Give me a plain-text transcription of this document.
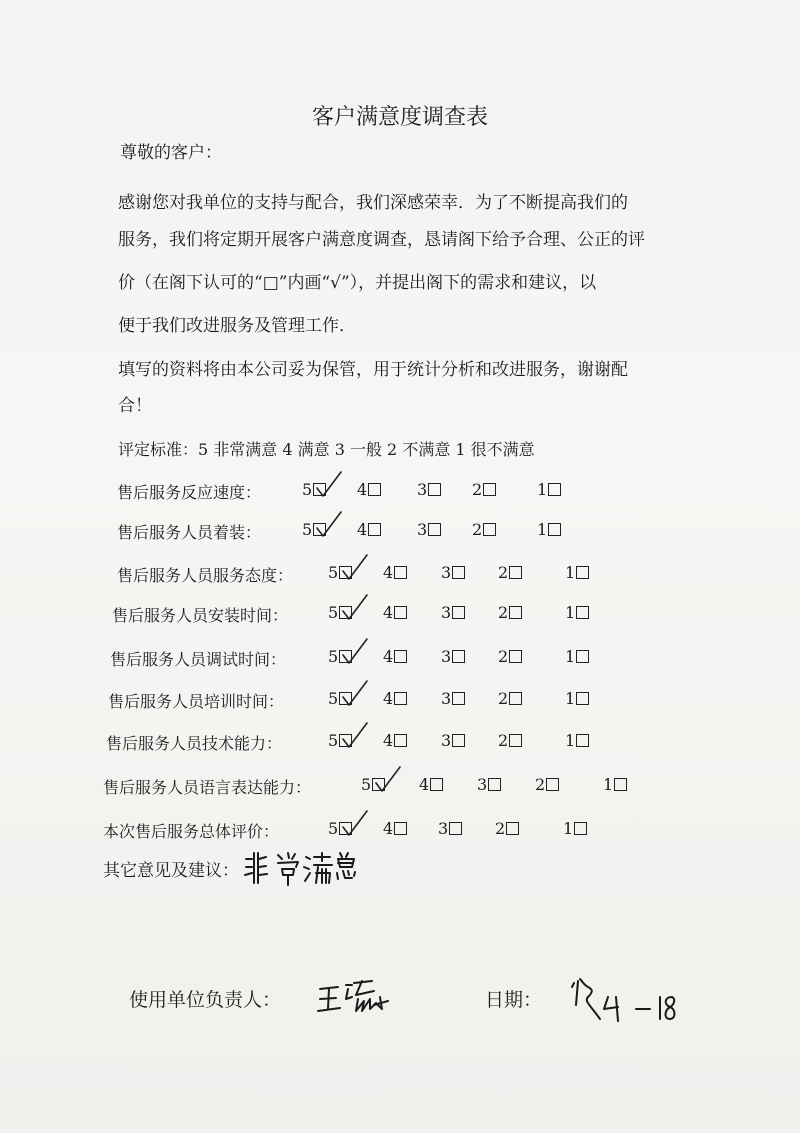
客户满意度调查表
尊敬的客户：
感谢您对我单位的支持与配合，我们深感荣幸．为了不断提高我们的
服务，我们将定期开展客户满意度调查，恳请阁下给予合理、公正的评
价（在阁下认可的“□”内画“√”），并提出阁下的需求和建议，以
便于我们改进服务及管理工作．
填写的资料将由本公司妥为保管，用于统计分析和改进服务，谢谢配
合！
评定标准：5 非常满意 4 满意 3 一般 2 不满意 1 很不满意
售后服务反应速度：	5	4	3	2	1
售后服务人员着装：	5	4	3	2	1
售后服务人员服务态度： 5	4	3	2	1
售后服务人员安装时间： 5	4	3	2	1
售后服务人员调试时间：	5	4	3	2	1
售后服务人员培训时间：	5	4	3	2	1
售后服务人员技术能力：	5	4	3	2	1
售后服务人员语言表达能力：	5	4	3	2	1
本次售后服务总体评价：	5	4	3	2	1
其它意见及建议：
使用单位负责人：	日期：
